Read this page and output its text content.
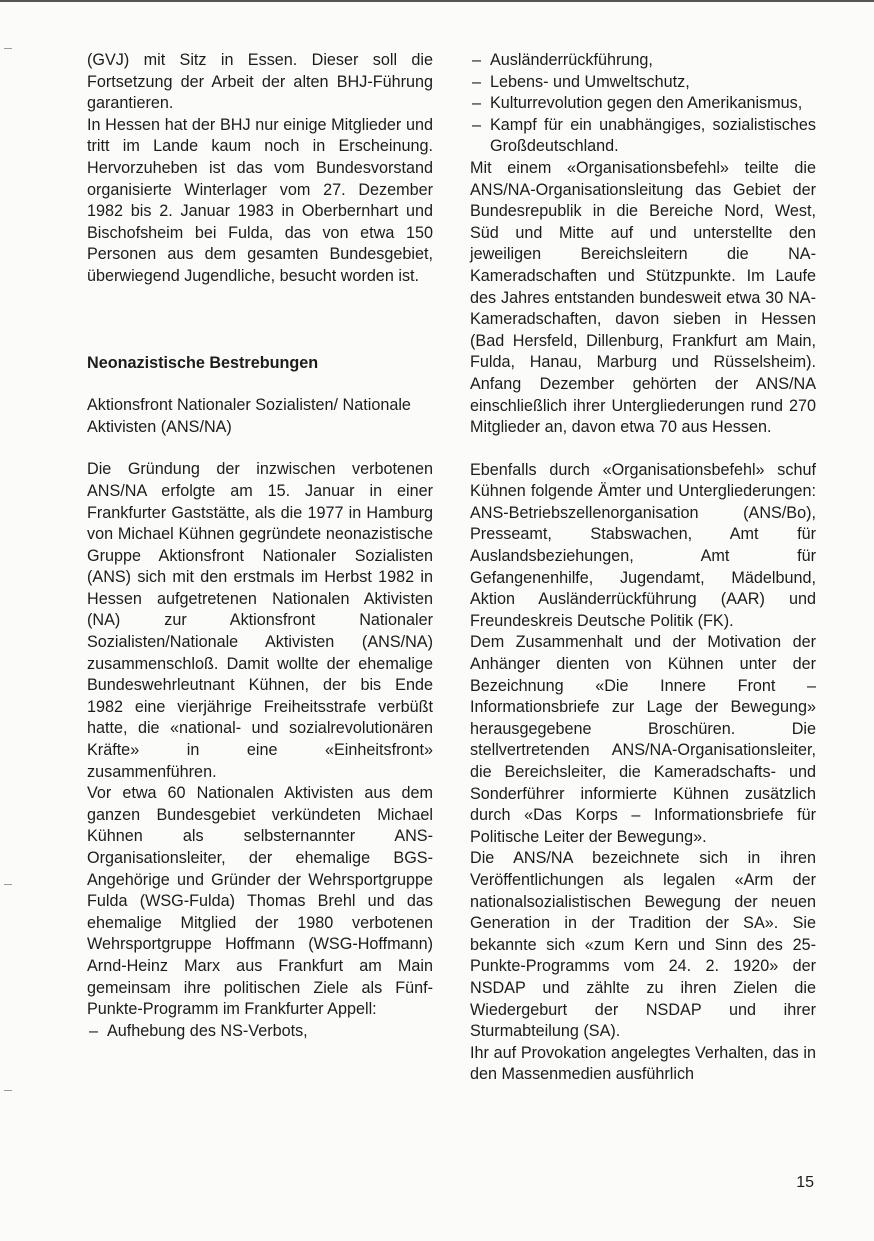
(GVJ) mit Sitz in Essen. Dieser soll die Fortsetzung der Arbeit der alten BHJ-Führung garantieren.

In Hessen hat der BHJ nur einige Mitglieder und tritt im Lande kaum noch in Erscheinung. Hervorzuheben ist das vom Bundesvorstand organisierte Winterlager vom 27. Dezember 1982 bis 2. Januar 1983 in Oberbernhart und Bischofsheim bei Fulda, das von etwa 150 Personen aus dem gesamten Bundesgebiet, überwiegend Jugendliche, besucht worden ist.

Neonazistische Bestrebungen

Aktionsfront Nationaler Sozialisten/ Nationale Aktivisten (ANS/NA)

Die Gründung der inzwischen verbotenen ANS/NA erfolgte am 15. Januar in einer Frankfurter Gaststätte, als die 1977 in Hamburg von Michael Kühnen gegründete neonazistische Gruppe Aktionsfront Nationaler Sozialisten (ANS) sich mit den erstmals im Herbst 1982 in Hessen aufgetretenen Nationalen Aktivisten (NA) zur Aktionsfront Nationaler Sozialisten/Nationale Aktivisten (ANS/NA) zusammenschloß. Damit wollte der ehemalige Bundeswehrleutnant Kühnen, der bis Ende 1982 eine vierjährige Freiheitsstrafe verbüßt hatte, die «national- und sozialrevolutionären Kräfte» in eine «Einheitsfront» zusammenführen.

Vor etwa 60 Nationalen Aktivisten aus dem ganzen Bundesgebiet verkündeten Michael Kühnen als selbsternannter ANS-Organisationsleiter, der ehemalige BGS-Angehörige und Gründer der Wehrsportgruppe Fulda (WSG-Fulda) Thomas Brehl und das ehemalige Mitglied der 1980 verbotenen Wehrsportgruppe Hoffmann (WSG-Hoffmann) Arnd-Heinz Marx aus Frankfurt am Main gemeinsam ihre politischen Ziele als Fünf-Punkte-Programm im Frankfurter Appell:

– Aufhebung des NS-Verbots,
– Ausländerrückführung,
– Lebens- und Umweltschutz,
– Kulturrevolution gegen den Amerikanismus,
– Kampf für ein unabhängiges, sozialistisches Großdeutschland.

Mit einem «Organisationsbefehl» teilte die ANS/NA-Organisationsleitung das Gebiet der Bundesrepublik in die Bereiche Nord, West, Süd und Mitte auf und unterstellte den jeweiligen Bereichsleitern die NA-Kameradschaften und Stützpunkte. Im Laufe des Jahres entstanden bundesweit etwa 30 NA-Kameradschaften, davon sieben in Hessen (Bad Hersfeld, Dillenburg, Frankfurt am Main, Fulda, Hanau, Marburg und Rüsselsheim). Anfang Dezember gehörten der ANS/NA einschließlich ihrer Untergliederungen rund 270 Mitglieder an, davon etwa 70 aus Hessen.

Ebenfalls durch «Organisationsbefehl» schuf Kühnen folgende Ämter und Untergliederungen: ANS-Betriebszellenorganisation (ANS/Bo), Presseamt, Stabswachen, Amt für Auslandsbeziehungen, Amt für Gefangenenhilfe, Jugendamt, Mädelbund, Aktion Ausländerrückführung (AAR) und Freundeskreis Deutsche Politik (FK).

Dem Zusammenhalt und der Motivation der Anhänger dienten von Kühnen unter der Bezeichnung «Die Innere Front – Informationsbriefe zur Lage der Bewegung» herausgegebene Broschüren. Die stellvertretenden ANS/NA-Organisationsleiter, die Bereichsleiter, die Kameradschafts- und Sonderführer informierte Kühnen zusätzlich durch «Das Korps – Informationsbriefe für Politische Leiter der Bewegung».

Die ANS/NA bezeichnete sich in ihren Veröffentlichungen als legalen «Arm der nationalsozialistischen Bewegung der neuen Generation in der Tradition der SA». Sie bekannte sich «zum Kern und Sinn des 25-Punkte-Programms vom 24. 2. 1920» der NSDAP und zählte zu ihren Zielen die Wiedergeburt der NSDAP und ihrer Sturmabteilung (SA).

Ihr auf Provokation angelegtes Verhalten, das in den Massenmedien ausführlich

15
